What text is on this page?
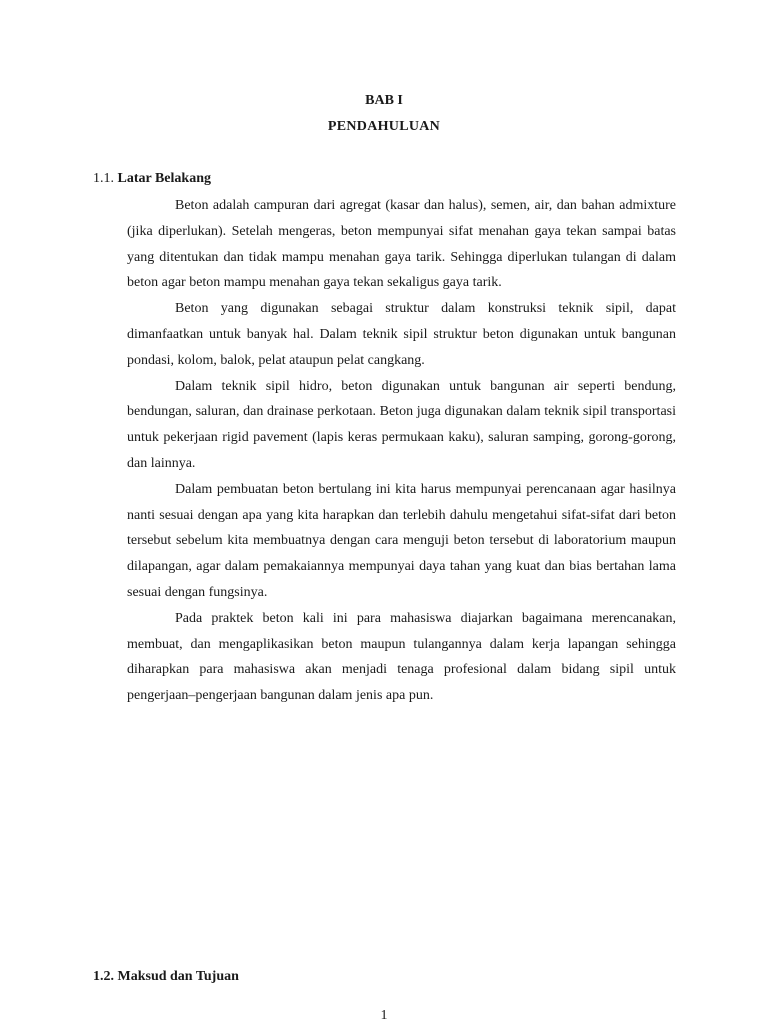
BAB I
PENDAHULUAN
1.1. Latar Belakang

Beton adalah campuran dari agregat (kasar dan halus), semen, air, dan bahan admixture (jika diperlukan). Setelah mengeras, beton mempunyai sifat menahan gaya tekan sampai batas yang ditentukan dan tidak mampu menahan gaya tarik. Sehingga diperlukan tulangan di dalam beton agar beton mampu menahan gaya tekan sekaligus gaya tarik.

Beton yang digunakan sebagai struktur dalam konstruksi teknik sipil, dapat dimanfaatkan untuk banyak hal. Dalam teknik sipil struktur beton digunakan untuk bangunan pondasi, kolom, balok, pelat ataupun pelat cangkang.

Dalam teknik sipil hidro, beton digunakan untuk bangunan air seperti bendung, bendungan, saluran, dan drainase perkotaan. Beton juga digunakan dalam teknik sipil transportasi untuk pekerjaan rigid pavement (lapis keras permukaan kaku), saluran samping, gorong-gorong, dan lainnya.

Dalam pembuatan beton bertulang ini kita harus mempunyai perencanaan agar hasilnya nanti sesuai dengan apa yang kita harapkan dan terlebih dahulu mengetahui sifat-sifat dari beton tersebut sebelum kita membuatnya dengan cara menguji beton tersebut di laboratorium maupun dilapangan, agar dalam pemakaiannya mempunyai daya tahan yang kuat dan bias bertahan lama sesuai dengan fungsinya.

Pada praktek beton kali ini para mahasiswa diajarkan bagaimana merencanakan, membuat, dan mengaplikasikan beton maupun tulangannya dalam kerja lapangan sehingga diharapkan para mahasiswa akan menjadi tenaga profesional dalam bidang sipil untuk pengerjaan–pengerjaan bangunan dalam jenis apa pun.

1.2. Maksud dan Tujuan
1
